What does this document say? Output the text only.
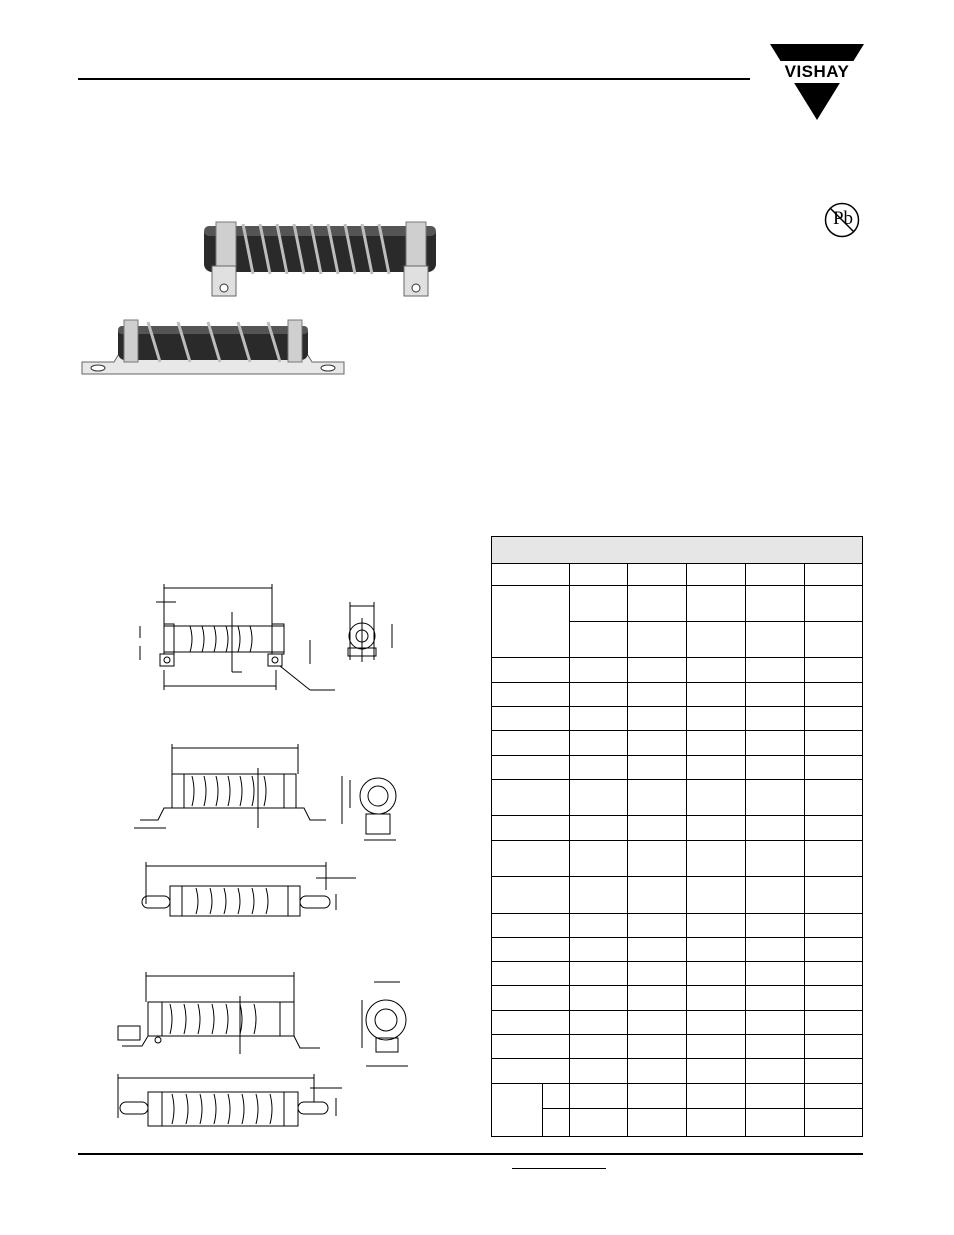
VISHAY
Pb
